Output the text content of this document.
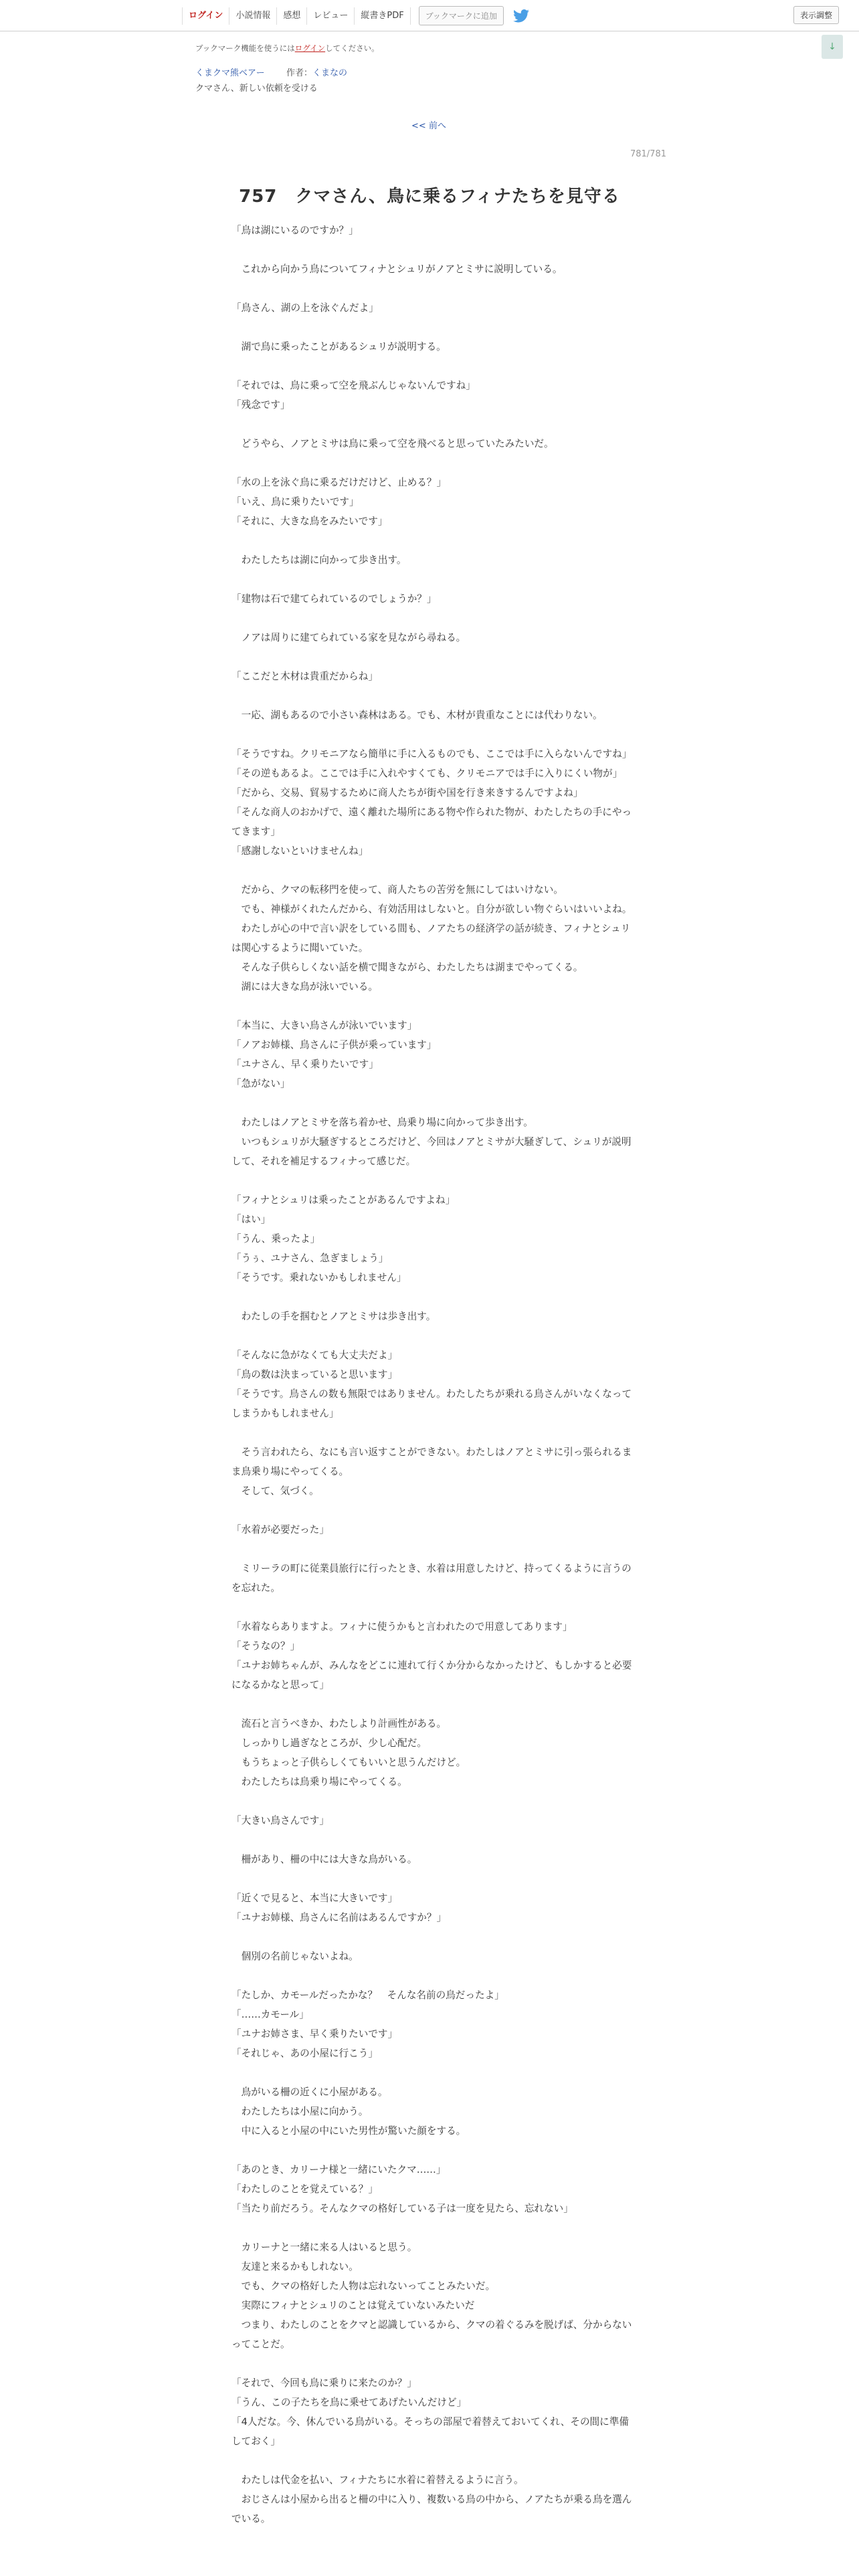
ログイン	小説情報	感想	レビュー	縦書きPDF	ブックマークに追加	表示調整
↓
ブックマーク機能を使うにはログインしてください。
くまクマ熊ベアー 作者：くまなの
クマさん、新しい依頼を受ける
<< 前へ
781/781
757　クマさん、鳥に乗るフィナたちを見守る

「鳥は湖にいるのですか？」

　これから向かう鳥についてフィナとシュリがノアとミサに説明している。

「鳥さん、湖の上を泳ぐんだよ」

　湖で鳥に乗ったことがあるシュリが説明する。

「それでは、鳥に乗って空を飛ぶんじゃないんですね」

「残念です」

　どうやら、ノアとミサは鳥に乗って空を飛べると思っていたみたいだ。

「水の上を泳ぐ鳥に乗るだけだけど、止める？」

「いえ、鳥に乗りたいです」

「それに、大きな鳥をみたいです」

　わたしたちは湖に向かって歩き出す。

「建物は石で建てられているのでしょうか？」

　ノアは周りに建てられている家を見ながら尋ねる。

「ここだと木材は貴重だからね」

　一応、湖もあるので小さい森林はある。でも、木材が貴重なことには代わりない。

「そうですね。クリモニアなら簡単に手に入るものでも、ここでは手に入らないんですね」

「その逆もあるよ。ここでは手に入れやすくても、クリモニアでは手に入りにくい物が」

「だから、交易、貿易するために商人たちが街や国を行き来きするんですよね」

「そんな商人のおかげで、遠く離れた場所にある物や作られた物が、わたしたちの手にやってきます」

「感謝しないといけませんね」

　だから、クマの転移門を使って、商人たちの苦労を無にしてはいけない。

　でも、神様がくれたんだから、有効活用はしないと。自分が欲しい物ぐらいはいいよね。

　わたしが心の中で言い訳をしている間も、ノアたちの経済学の話が続き、フィナとシュリは関心するように聞いていた。

　そんな子供らしくない話を横で聞きながら、わたしたちは湖までやってくる。

　湖には大きな鳥が泳いでいる。

「本当に、大きい鳥さんが泳いでいます」

「ノアお姉様、鳥さんに子供が乗っています」

「ユナさん、早く乗りたいです」

「急がない」

　わたしはノアとミサを落ち着かせ、鳥乗り場に向かって歩き出す。

　いつもシュリが大騒ぎするところだけど、今回はノアとミサが大騒ぎして、シュリが説明して、それを補足するフィナって感じだ。

「フィナとシュリは乗ったことがあるんですよね」

「はい」

「うん、乗ったよ」

「うぅ、ユナさん、急ぎましょう」

「そうです。乗れないかもしれません」

　わたしの手を掴むとノアとミサは歩き出す。

「そんなに急がなくても大丈夫だよ」

「鳥の数は決まっていると思います」

「そうです。鳥さんの数も無限ではありません。わたしたちが乗れる鳥さんがいなくなってしまうかもしれません」

　そう言われたら、なにも言い返すことができない。わたしはノアとミサに引っ張られるまま鳥乗り場にやってくる。

　そして、気づく。

「水着が必要だった」

　ミリーラの町に従業員旅行に行ったとき、水着は用意したけど、持ってくるように言うのを忘れた。

「水着ならありますよ。フィナに使うかもと言われたので用意してあります」

「そうなの？」

「ユナお姉ちゃんが、みんなをどこに連れて行くか分からなかったけど、もしかすると必要になるかなと思って」

　流石と言うべきか、わたしより計画性がある。

　しっかりし過ぎなところが、少し心配だ。

　もうちょっと子供らしくてもいいと思うんだけど。

　わたしたちは鳥乗り場にやってくる。

「大きい鳥さんです」

　柵があり、柵の中には大きな鳥がいる。

「近くで見ると、本当に大きいです」

「ユナお姉様、鳥さんに名前はあるんですか？」

　個別の名前じゃないよね。

「たしか、カモールだったかな？　そんな名前の鳥だったよ」

「……カモール」

「ユナお姉さま、早く乗りたいです」

「それじゃ、あの小屋に行こう」

　鳥がいる柵の近くに小屋がある。

　わたしたちは小屋に向かう。

　中に入ると小屋の中にいた男性が驚いた顔をする。

「あのとき、カリーナ様と一緒にいたクマ……」

「わたしのことを覚えている？」

「当たり前だろう。そんなクマの格好している子は一度を見たら、忘れない」

　カリーナと一緒に来る人はいると思う。

　友達と来るかもしれない。

　でも、クマの格好した人物は忘れないってことみたいだ。

　実際にフィナとシュリのことは覚えていないみたいだ

　つまり、わたしのことをクマと認識しているから、クマの着ぐるみを脱げば、分からないってことだ。

「それで、今回も鳥に乗りに来たのか？」

「うん、この子たちを鳥に乗せてあげたいんだけど」

「4人だな。今、休んでいる鳥がいる。そっちの部屋で着替えておいてくれ、その間に準備しておく」

　わたしは代金を払い、フィナたちに水着に着替えるように言う。

　おじさんは小屋から出ると柵の中に入り、複数いる鳥の中から、ノアたちが乗る鳥を選んでいる。
